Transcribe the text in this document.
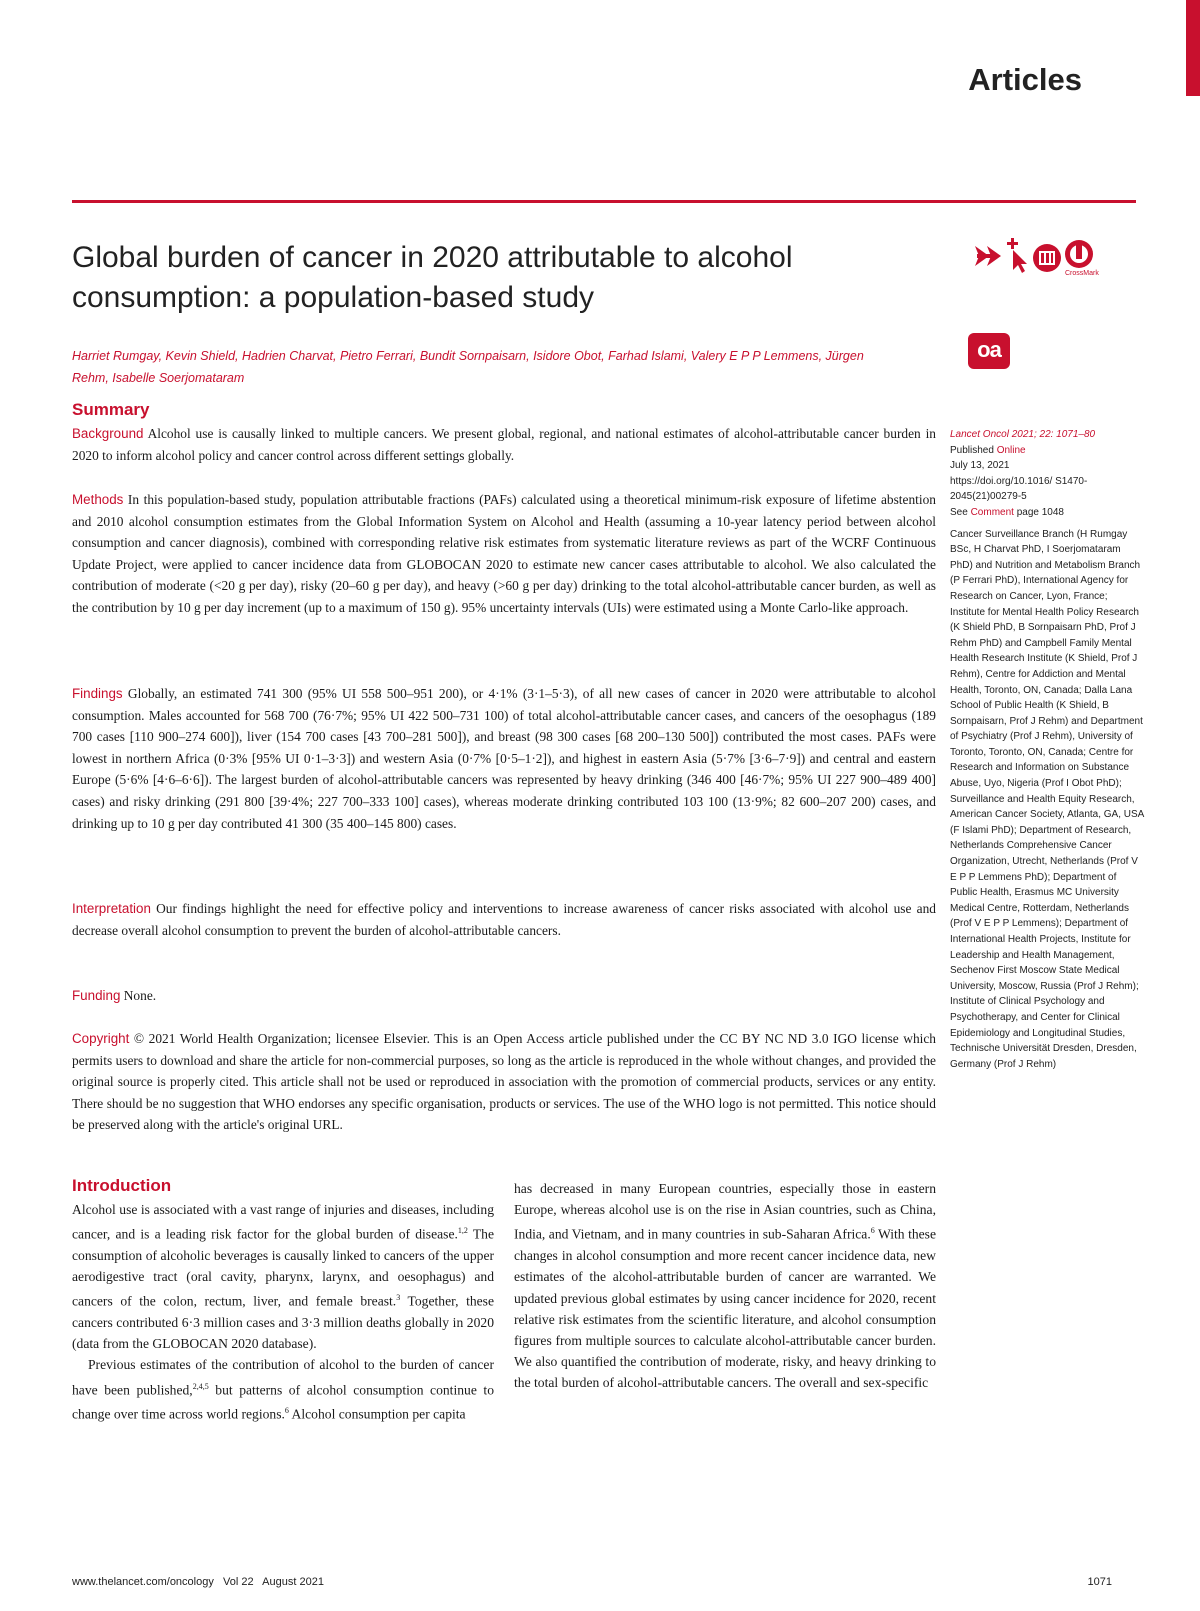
Articles
Global burden of cancer in 2020 attributable to alcohol consumption: a population-based study
Harriet Rumgay, Kevin Shield, Hadrien Charvat, Pietro Ferrari, Bundit Sornpaisarn, Isidore Obot, Farhad Islami, Valery E P P Lemmens, Jürgen Rehm, Isabelle Soerjomataram
CrossMark
oa
Summary

Background Alcohol use is causally linked to multiple cancers. We present global, regional, and national estimates of alcohol-attributable cancer burden in 2020 to inform alcohol policy and cancer control across different settings globally.

Methods In this population-based study, population attributable fractions (PAFs) calculated using a theoretical minimum-risk exposure of lifetime abstention and 2010 alcohol consumption estimates from the Global Information System on Alcohol and Health (assuming a 10-year latency period between alcohol consumption and cancer diagnosis), combined with corresponding relative risk estimates from systematic literature reviews as part of the WCRF Continuous Update Project, were applied to cancer incidence data from GLOBOCAN 2020 to estimate new cancer cases attributable to alcohol. We also calculated the contribution of moderate (<20 g per day), risky (20–60 g per day), and heavy (>60 g per day) drinking to the total alcohol-attributable cancer burden, as well as the contribution by 10 g per day increment (up to a maximum of 150 g). 95% uncertainty intervals (UIs) were estimated using a Monte Carlo-like approach.

Findings Globally, an estimated 741 300 (95% UI 558 500–951 200), or 4·1% (3·1–5·3), of all new cases of cancer in 2020 were attributable to alcohol consumption. Males accounted for 568 700 (76·7%; 95% UI 422 500–731 100) of total alcohol-attributable cancer cases, and cancers of the oesophagus (189 700 cases [110 900–274 600]), liver (154 700 cases [43 700–281 500]), and breast (98 300 cases [68 200–130 500]) contributed the most cases. PAFs were lowest in northern Africa (0·3% [95% UI 0·1–3·3]) and western Asia (0·7% [0·5–1·2]), and highest in eastern Asia (5·7% [3·6–7·9]) and central and eastern Europe (5·6% [4·6–6·6]). The largest burden of alcohol-attributable cancers was represented by heavy drinking (346 400 [46·7%; 95% UI 227 900–489 400] cases) and risky drinking (291 800 [39·4%; 227 700–333 100] cases), whereas moderate drinking contributed 103 100 (13·9%; 82 600–207 200) cases, and drinking up to 10 g per day contributed 41 300 (35 400–145 800) cases.

Interpretation Our findings highlight the need for effective policy and interventions to increase awareness of cancer risks associated with alcohol use and decrease overall alcohol consumption to prevent the burden of alcohol-attributable cancers.

Funding None.

Copyright © 2021 World Health Organization; licensee Elsevier. This is an Open Access article published under the CC BY NC ND 3.0 IGO license which permits users to download and share the article for non-commercial purposes, so long as the article is reproduced in the whole without changes, and provided the original source is properly cited. This article shall not be used or reproduced in association with the promotion of commercial products, services or any entity. There should be no suggestion that WHO endorses any specific organisation, products or services. The use of the WHO logo is not permitted. This notice should be preserved along with the article's original URL.

Introduction

Alcohol use is associated with a vast range of injuries and diseases, including cancer, and is a leading risk factor for the global burden of disease.$^{1,2}$ The consumption of alcoholic beverages is causally linked to cancers of the upper aerodigestive tract (oral cavity, pharynx, larynx, and oesophagus) and cancers of the colon, rectum, liver, and female breast.$^3$ Together, these cancers contributed 6·3 million cases and 3·3 million deaths globally in 2020 (data from the GLOBOCAN 2020 database).

Previous estimates of the contribution of alcohol to the burden of cancer have been published,$^{2,4,5}$ but patterns of alcohol consumption continue to change over time across world regions.$^6$ Alcohol consumption per capita

has decreased in many European countries, especially those in eastern Europe, whereas alcohol use is on the rise in Asian countries, such as China, India, and Vietnam, and in many countries in sub-Saharan Africa.$^6$ With these changes in alcohol consumption and more recent cancer incidence data, new estimates of the alcohol-attributable burden of cancer are warranted. We updated previous global estimates by using cancer incidence for 2020, recent relative risk estimates from the scientific literature, and alcohol consumption figures from multiple sources to calculate alcohol-attributable cancer burden. We also quantified the contribution of moderate, risky, and heavy drinking to the total burden of alcohol-attributable cancers. The overall and sex-specific

Lancet Oncol 2021; 22: 1071–80

Published Online

July 13, 2021

https://doi.org/10.1016/ S1470-2045(21)00279-5

See Comment page 1048

Cancer Surveillance Branch (H Rumgay BSc, H Charvat PhD, I Soerjomataram PhD) and Nutrition and Metabolism Branch (P Ferrari PhD), International Agency for Research on Cancer, Lyon, France; Institute for Mental Health Policy Research (K Shield PhD, B Sornpaisarn PhD, Prof J Rehm PhD) and Campbell Family Mental Health Research Institute (K Shield, Prof J Rehm), Centre for Addiction and Mental Health, Toronto, ON, Canada; Dalla Lana School of Public Health (K Shield, B Sornpaisarn, Prof J Rehm) and Department of Psychiatry (Prof J Rehm), University of Toronto, Toronto, ON, Canada; Centre for Research and Information on Substance Abuse, Uyo, Nigeria (Prof I Obot PhD); Surveillance and Health Equity Research, American Cancer Society, Atlanta, GA, USA (F Islami PhD); Department of Research, Netherlands Comprehensive Cancer Organization, Utrecht, Netherlands (Prof V E P P Lemmens PhD); Department of Public Health, Erasmus MC University Medical Centre, Rotterdam, Netherlands (Prof V E P P Lemmens); Department of International Health Projects, Institute for Leadership and Health Management, Sechenov First Moscow State Medical University, Moscow, Russia (Prof J Rehm); Institute of Clinical Psychology and Psychotherapy, and Center for Clinical Epidemiology and Longitudinal Studies, Technische Universität Dresden, Dresden, Germany (Prof J Rehm)

www.thelancet.com/oncology   Vol 22   August 2021	1071
